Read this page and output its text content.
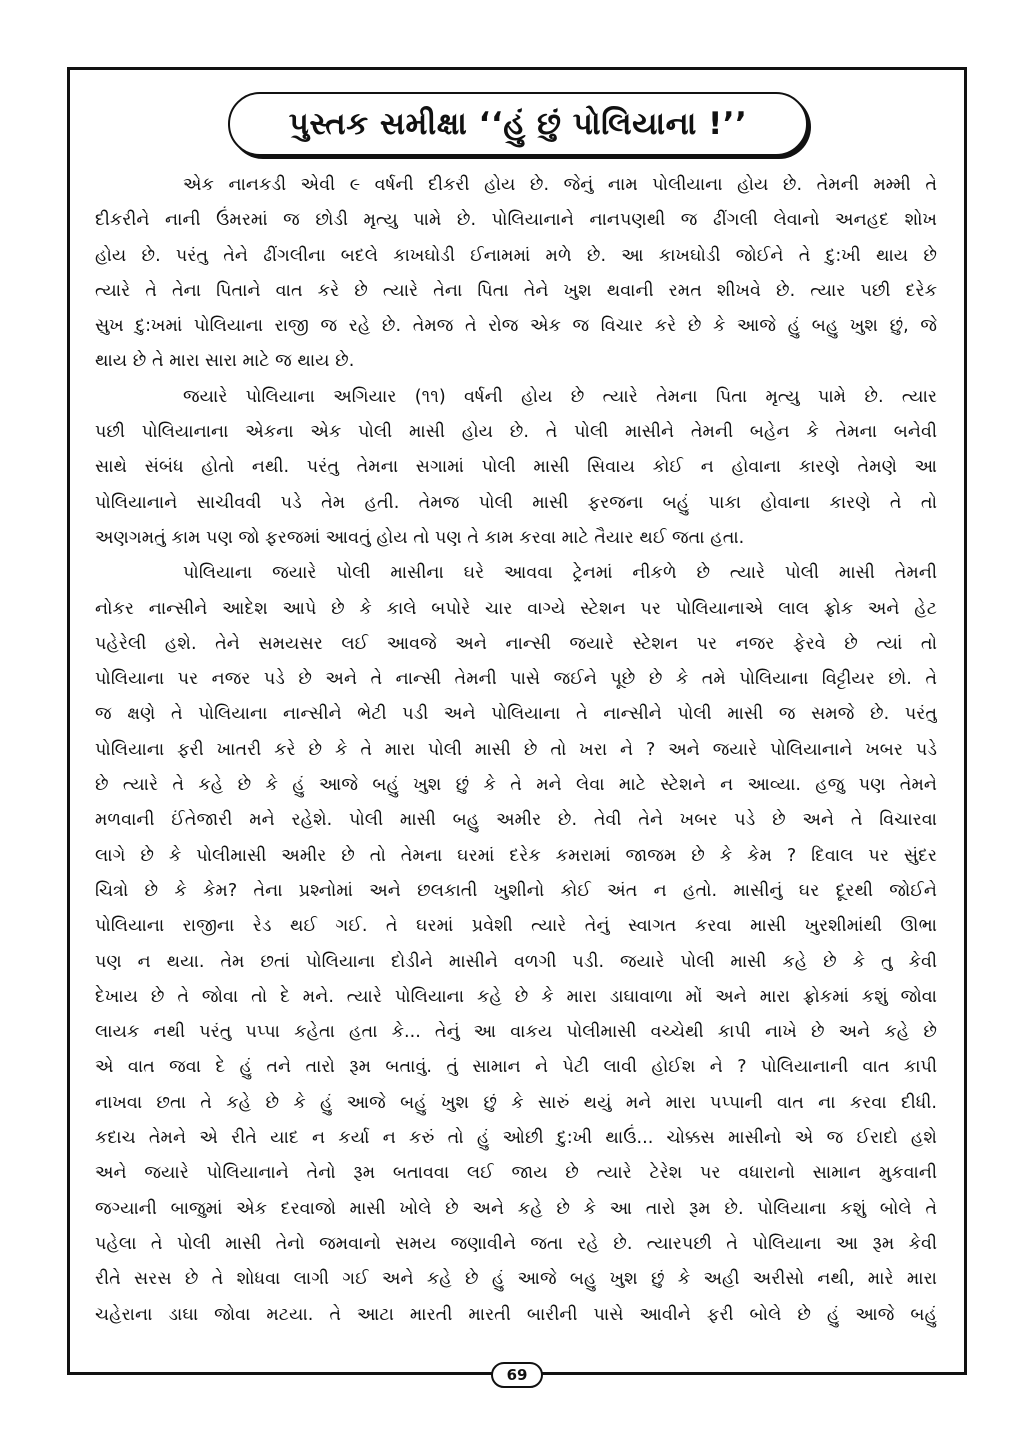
પુસ્તક સમીક્ષા ‘‘હું છું પોલિયાના !’’
એક નાનકડી એવી ૯ વર્ષની દીકરી હોય છે. જેનું નામ પોલીયાના હોય છે. તેમની મમ્મી તે
દીકરીને નાની ઉંમરમાં જ છોડી મૃત્યુ પામે છે. પોલિયાનાને નાનપણથી જ ઢીંગલી લેવાનો અનહદ શોખ
હોય છે. પરંતુ તેને ઢીંગલીના બદલે કાખઘોડી ઈનામમાં મળે છે. આ કાખઘોડી જોઈને તે દુ:ખી થાય છે
ત્યારે તે તેના પિતાને વાત કરે છે ત્યારે તેના પિતા તેને ખુશ થવાની રમત શીખવે છે. ત્યાર પછી દરેક
સુખ દુ:ખમાં પોલિયાના રાજી જ રહે છે. તેમજ તે રોજ એક જ વિચાર કરે છે કે આજે હું બહુ ખુશ છું, જે
થાય છે તે મારા સારા માટે જ થાય છે.
જયારે પોલિયાના અગિયાર (૧૧) વર્ષની હોય છે ત્યારે તેમના પિતા મૃત્યુ પામે છે. ત્યાર
પછી પોલિયાનાના એકના એક પોલી માસી હોય છે. તે પોલી માસીને તેમની બહેન કે તેમના બનેવી
સાથે સંબંધ હોતો નથી. પરંતુ તેમના સગામાં પોલી માસી સિવાય કોઈ ન હોવાના કારણે તેમણે આ
પોલિયાનાને સાચીવવી પડે તેમ હતી. તેમજ પોલી માસી ફરજના બહું પાકા હોવાના કારણે તે તો
અણગમતું કામ પણ જો ફરજમાં આવતું હોય તો પણ તે કામ કરવા માટે તૈયાર થઈ જતા હતા.
પોલિયાના જયારે પોલી માસીના ઘરે આવવા ટ્રેનમાં નીકળે છે ત્યારે પોલી માસી તેમની
નોકર નાન્સીને આદેશ આપે છે કે કાલે બપોરે ચાર વાગ્યે સ્ટેશન પર પોલિયાનાએ લાલ ફ્રોક અને હેટ
પહેરેલી હશે. તેને સમયસર લઈ આવજે અને નાન્સી જયારે સ્ટેશન પર નજર ફેરવે છે ત્યાં તો
પોલિયાના પર નજર પડે છે અને તે નાન્સી તેમની પાસે જઈને પૂછે છે કે તમે પોલિયાના વિટ્ટીયર છો. તે
જ ક્ષણે તે પોલિયાના નાન્સીને ભેટી પડી અને પોલિયાના તે નાન્સીને પોલી માસી જ સમજે છે. પરંતુ
પોલિયાના ફરી ખાતરી કરે છે કે તે મારા પોલી માસી છે તો ખરા ને ? અને જયારે પોલિયાનાને ખબર પડે
છે ત્યારે તે કહે છે કે હું આજે બહું ખુશ છું કે તે મને લેવા માટે સ્ટેશને ન આવ્યા. હજુ પણ તેમને
મળવાની ઈંતેજારી મને રહેશે. પોલી માસી બહુ અમીર છે. તેવી તેને ખબર પડે છે અને તે વિચારવા
લાગે છે કે પોલીમાસી અમીર છે તો તેમના ઘરમાં દરેક કમરામાં જાજમ છે કે કેમ ? દિવાલ પર સુંદર
ચિત્રો છે કે કેમ? તેના પ્રશ્નોમાં અને છલકાતી ખુશીનો કોઈ અંત ન હતો. માસીનું ઘર દૂરથી જોઈને
પોલિયાના રાજીના રેડ થઈ ગઈ. તે ઘરમાં પ્રવેશી ત્યારે તેનું સ્વાગત કરવા માસી ખુરશીમાંથી ઊભા
પણ ન થયા. તેમ છતાં પોલિયાના દોડીને માસીને વળગી પડી. જયારે પોલી માસી કહે છે કે તુ કેવી
દેખાય છે તે જોવા તો દે મને. ત્યારે પોલિયાના કહે છે કે મારા ડાઘાવાળા મોં અને મારા ફ્રોકમાં કશું જોવા
લાયક નથી પરંતુ પપ્પા કહેતા હતા કે... તેનું આ વાકય પોલીમાસી વચ્ચેથી કાપી નાખે છે અને કહે છે
એ વાત જવા દે હું તને તારો રૂમ બતાવું. તું સામાન ને પેટી લાવી હોઈશ ને ? પોલિયાનાની વાત કાપી
નાખવા છતા તે કહે છે કે હું આજે બહું ખુશ છું કે સારું થયું મને મારા પપ્પાની વાત ના કરવા દીધી.
કદાચ તેમને એ રીતે યાદ ન કર્યા ન કરું તો હું ઓછી દુ:ખી થાઉં... ચોક્કસ માસીનો એ જ ઈરાદો હશે
અને જયારે પોલિયાનાને તેનો રૂમ બતાવવા લઈ જાય છે ત્યારે ટેરેશ પર વધારાનો સામાન મુકવાની
જગ્યાની બાજુમાં એક દરવાજો માસી ખોલે છે અને કહે છે કે આ તારો રૂમ છે. પોલિયાના કશું બોલે તે
પહેલા તે પોલી માસી તેનો જમવાનો સમય જણાવીને જતા રહે છે. ત્યારપછી તે પોલિયાના આ રૂમ કેવી
રીતે સરસ છે તે શોધવા લાગી ગઈ અને કહે છે હું આજે બહુ ખુશ છું કે અહી અરીસો નથી, મારે મારા
ચહેરાના ડાઘા જોવા મટયા. તે આટા મારતી મારતી બારીની પાસે આવીને ફરી બોલે છે હું આજે બહું
69
